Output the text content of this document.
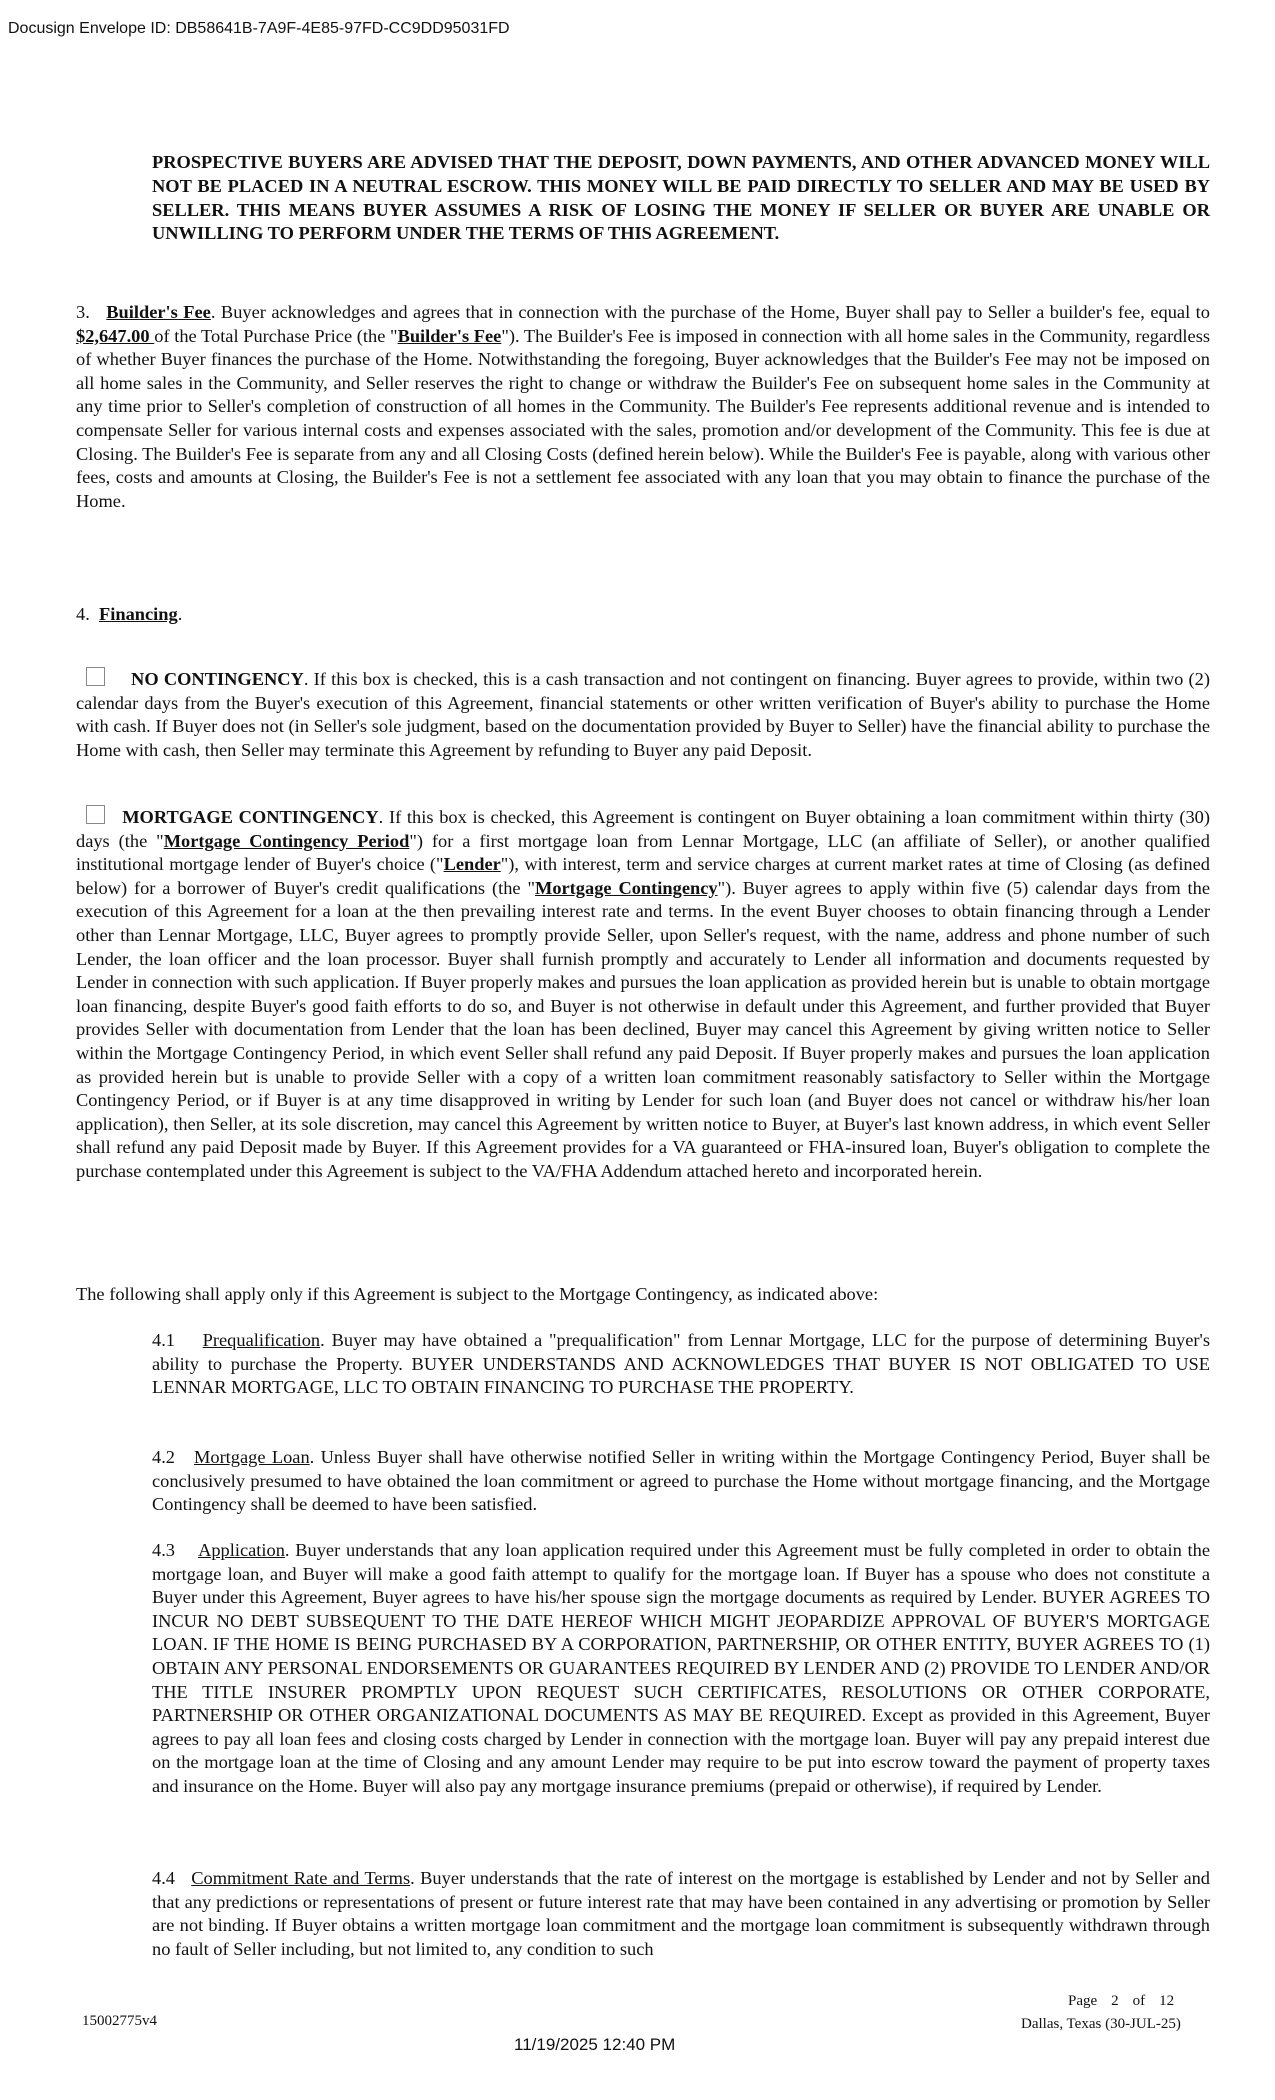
Docusign Envelope ID: DB58641B-7A9F-4E85-97FD-CC9DD95031FD

PROSPECTIVE BUYERS ARE ADVISED THAT THE DEPOSIT, DOWN PAYMENTS, AND OTHER ADVANCED MONEY WILL NOT BE PLACED IN A NEUTRAL ESCROW. THIS MONEY WILL BE PAID DIRECTLY TO SELLER AND MAY BE USED BY SELLER. THIS MEANS BUYER ASSUMES A RISK OF LOSING THE MONEY IF SELLER OR BUYER ARE UNABLE OR UNWILLING TO PERFORM UNDER THE TERMS OF THIS AGREEMENT.

3. Builder's Fee. Buyer acknowledges and agrees that in connection with the purchase of the Home, Buyer shall pay to Seller a builder's fee, equal to $2,647.00 of the Total Purchase Price (the "Builder's Fee"). The Builder's Fee is imposed in connection with all home sales in the Community, regardless of whether Buyer finances the purchase of the Home. Notwithstanding the foregoing, Buyer acknowledges that the Builder's Fee may not be imposed on all home sales in the Community, and Seller reserves the right to change or withdraw the Builder's Fee on subsequent home sales in the Community at any time prior to Seller's completion of construction of all homes in the Community. The Builder's Fee represents additional revenue and is intended to compensate Seller for various internal costs and expenses associated with the sales, promotion and/or development of the Community. This fee is due at Closing. The Builder's Fee is separate from any and all Closing Costs (defined herein below). While the Builder's Fee is payable, along with various other fees, costs and amounts at Closing, the Builder's Fee is not a settlement fee associated with any loan that you may obtain to finance the purchase of the Home.

4. Financing.

NO CONTINGENCY. If this box is checked, this is a cash transaction and not contingent on financing. Buyer agrees to provide, within two (2) calendar days from the Buyer's execution of this Agreement, financial statements or other written verification of Buyer's ability to purchase the Home with cash. If Buyer does not (in Seller's sole judgment, based on the documentation provided by Buyer to Seller) have the financial ability to purchase the Home with cash, then Seller may terminate this Agreement by refunding to Buyer any paid Deposit.

MORTGAGE CONTINGENCY. If this box is checked, this Agreement is contingent on Buyer obtaining a loan commitment within thirty (30) days (the "Mortgage Contingency Period") for a first mortgage loan from Lennar Mortgage, LLC (an affiliate of Seller), or another qualified institutional mortgage lender of Buyer's choice ("Lender"), with interest, term and service charges at current market rates at time of Closing (as defined below) for a borrower of Buyer's credit qualifications (the "Mortgage Contingency"). Buyer agrees to apply within five (5) calendar days from the execution of this Agreement for a loan at the then prevailing interest rate and terms. In the event Buyer chooses to obtain financing through a Lender other than Lennar Mortgage, LLC, Buyer agrees to promptly provide Seller, upon Seller's request, with the name, address and phone number of such Lender, the loan officer and the loan processor. Buyer shall furnish promptly and accurately to Lender all information and documents requested by Lender in connection with such application. If Buyer properly makes and pursues the loan application as provided herein but is unable to obtain mortgage loan financing, despite Buyer's good faith efforts to do so, and Buyer is not otherwise in default under this Agreement, and further provided that Buyer provides Seller with documentation from Lender that the loan has been declined, Buyer may cancel this Agreement by giving written notice to Seller within the Mortgage Contingency Period, in which event Seller shall refund any paid Deposit. If Buyer properly makes and pursues the loan application as provided herein but is unable to provide Seller with a copy of a written loan commitment reasonably satisfactory to Seller within the Mortgage Contingency Period, or if Buyer is at any time disapproved in writing by Lender for such loan (and Buyer does not cancel or withdraw his/her loan application), then Seller, at its sole discretion, may cancel this Agreement by written notice to Buyer, at Buyer's last known address, in which event Seller shall refund any paid Deposit made by Buyer. If this Agreement provides for a VA guaranteed or FHA-insured loan, Buyer's obligation to complete the purchase contemplated under this Agreement is subject to the VA/FHA Addendum attached hereto and incorporated herein.

The following shall apply only if this Agreement is subject to the Mortgage Contingency, as indicated above:

4.1 Prequalification. Buyer may have obtained a "prequalification" from Lennar Mortgage, LLC for the purpose of determining Buyer's ability to purchase the Property. BUYER UNDERSTANDS AND ACKNOWLEDGES THAT BUYER IS NOT OBLIGATED TO USE LENNAR MORTGAGE, LLC TO OBTAIN FINANCING TO PURCHASE THE PROPERTY.

4.2 Mortgage Loan. Unless Buyer shall have otherwise notified Seller in writing within the Mortgage Contingency Period, Buyer shall be conclusively presumed to have obtained the loan commitment or agreed to purchase the Home without mortgage financing, and the Mortgage Contingency shall be deemed to have been satisfied.

4.3 Application. Buyer understands that any loan application required under this Agreement must be fully completed in order to obtain the mortgage loan, and Buyer will make a good faith attempt to qualify for the mortgage loan. If Buyer has a spouse who does not constitute a Buyer under this Agreement, Buyer agrees to have his/her spouse sign the mortgage documents as required by Lender. BUYER AGREES TO INCUR NO DEBT SUBSEQUENT TO THE DATE HEREOF WHICH MIGHT JEOPARDIZE APPROVAL OF BUYER'S MORTGAGE LOAN. IF THE HOME IS BEING PURCHASED BY A CORPORATION, PARTNERSHIP, OR OTHER ENTITY, BUYER AGREES TO (1) OBTAIN ANY PERSONAL ENDORSEMENTS OR GUARANTEES REQUIRED BY LENDER AND (2) PROVIDE TO LENDER AND/OR THE TITLE INSURER PROMPTLY UPON REQUEST SUCH CERTIFICATES, RESOLUTIONS OR OTHER CORPORATE, PARTNERSHIP OR OTHER ORGANIZATIONAL DOCUMENTS AS MAY BE REQUIRED. Except as provided in this Agreement, Buyer agrees to pay all loan fees and closing costs charged by Lender in connection with the mortgage loan. Buyer will pay any prepaid interest due on the mortgage loan at the time of Closing and any amount Lender may require to be put into escrow toward the payment of property taxes and insurance on the Home. Buyer will also pay any mortgage insurance premiums (prepaid or otherwise), if required by Lender.

4.4 Commitment Rate and Terms. Buyer understands that the rate of interest on the mortgage is established by Lender and not by Seller and that any predictions or representations of present or future interest rate that may have been contained in any advertising or promotion by Seller are not binding. If Buyer obtains a written mortgage loan commitment and the mortgage loan commitment is subsequently withdrawn through no fault of Seller including, but not limited to, any condition to such

15002775v4
Page 2 of 12
Dallas, Texas (30-JUL-25)
11/19/2025 12:40 PM
